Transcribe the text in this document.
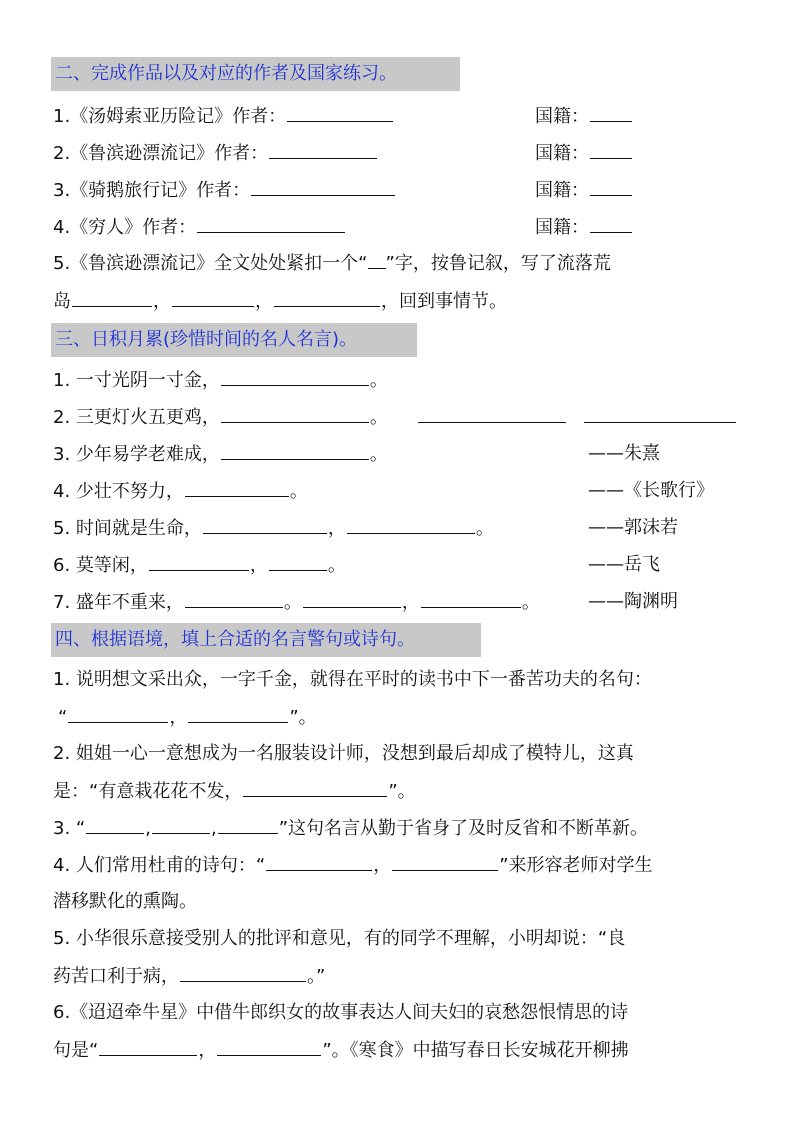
二、完成作品以及对应的作者及国家练习。
1.《汤姆索亚历险记》作者：	国籍：
2.《鲁滨逊漂流记》作者：	国籍：
3.《骑鹅旅行记》作者：	国籍：
4.《穷人》作者：	国籍：
5.《鲁滨逊漂流记》全文处处紧扣一个“ ”字，按鲁记叙，写了流落荒
岛	，	，	，回到事情节。
三、日积月累(珍惜时间的名人名言)。
1. 一寸光阴一寸金，	。
2. 三更灯火五更鸡，	。
3. 少年易学老难成，	。	——朱熹
4. 少壮不努力，	。	——《长歌行》
5. 时间就是生命，	，	。	——郭沫若
6. 莫等闲，	，	。	——岳飞
7. 盛年不重来，	。	，	。	——陶渊明
四、根据语境，填上合适的名言警句或诗句。
1. 说明想文采出众，一字千金，就得在平时的读书中下一番苦功夫的名句：
“	，	”。
2. 姐姐一心一意想成为一名服装设计师，没想到最后却成了模特儿，这真
是：“有意栽花花不发，	”。
3. “	,	,	”这句名言从勤于省身了及时反省和不断革新。
4. 人们常用杜甫的诗句：“	，	”来形容老师对学生
潜移默化的熏陶。
5. 小华很乐意接受别人的批评和意见，有的同学不理解，小明却说：“良
药苦口利于病，	。”
6.《迢迢牵牛星》中借牛郎织女的故事表达人间夫妇的哀愁怨恨情思的诗
句是“	，	”。《寒食》中描写春日长安城花开柳拂
